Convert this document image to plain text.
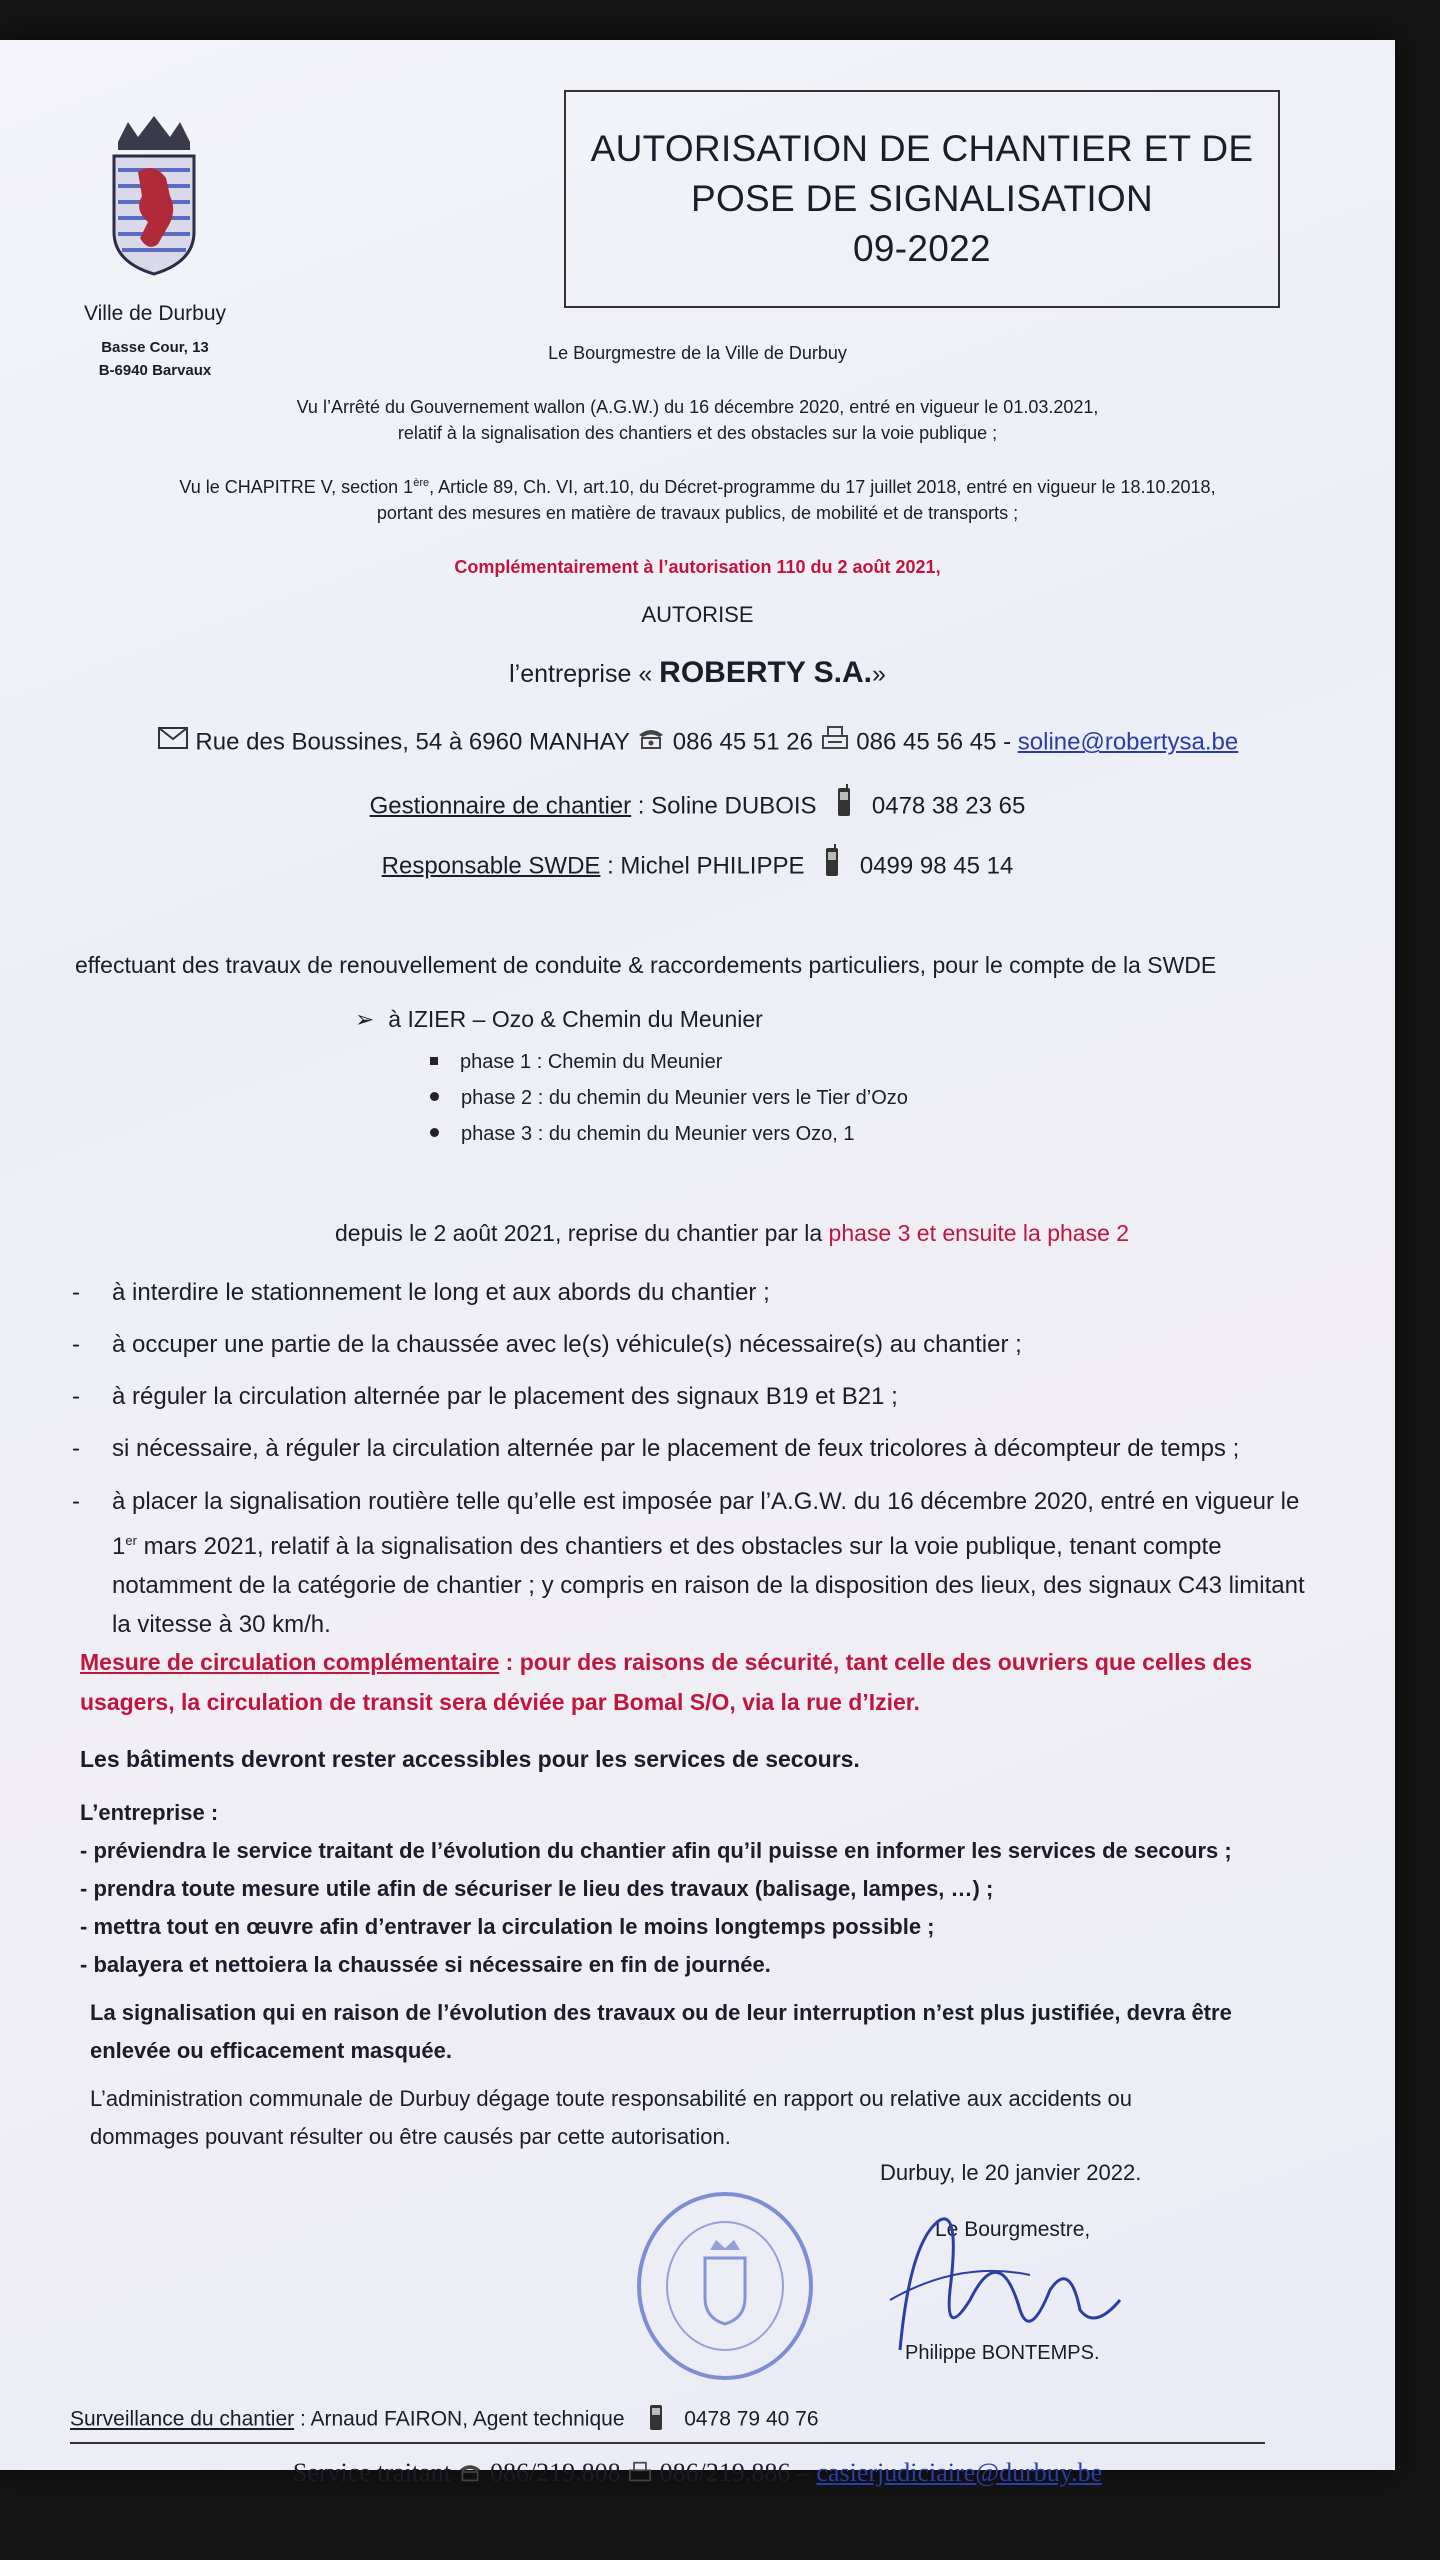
Ville de Durbuy
Basse Cour, 13
B-6940 Barvaux
AUTORISATION DE CHANTIER ET DE
POSE DE SIGNALISATION
09-2022
Le Bourgmestre de la Ville de Durbuy
Vu l’Arrêté du Gouvernement wallon (A.G.W.) du 16 décembre 2020, entré en vigueur le 01.03.2021,
relatif à la signalisation des chantiers et des obstacles sur la voie publique ;
Vu le CHAPITRE V, section 1ère, Article 89, Ch. VI, art.10, du Décret-programme du 17 juillet 2018, entré en vigueur le 18.10.2018,
portant des mesures en matière de travaux publics, de mobilité et de transports ;
Complémentairement à l’autorisation 110 du 2 août 2021,
AUTORISE
l’entreprise « ROBERTY S.A.»
Rue des Boussines, 54 à 6960 MANHAY 086 45 51 26 086 45 56 45 - soline@robertysa.be
Gestionnaire de chantier : Soline DUBOIS 0478 38 23 65
Responsable SWDE : Michel PHILIPPE 0499 98 45 14
effectuant des travaux de renouvellement de conduite & raccordements particuliers, pour le compte de la SWDE
➢ à IZIER – Ozo & Chemin du Meunier
phase 1 : Chemin du Meunier
phase 2 : du chemin du Meunier vers le Tier d’Ozo
phase 3 : du chemin du Meunier vers Ozo, 1
depuis le 2 août 2021, reprise du chantier par la phase 3 et ensuite la phase 2
- à interdire le stationnement le long et aux abords du chantier ;
- à occuper une partie de la chaussée avec le(s) véhicule(s) nécessaire(s) au chantier ;
- à réguler la circulation alternée par le placement des signaux B19 et B21 ;
- si nécessaire, à réguler la circulation alternée par le placement de feux tricolores à décompteur de temps ;
- à placer la signalisation routière telle qu’elle est imposée par l’A.G.W. du 16 décembre 2020, entré en vigueur le
1er mars 2021, relatif à la signalisation des chantiers et des obstacles sur la voie publique, tenant compte
notamment de la catégorie de chantier ; y compris en raison de la disposition des lieux, des signaux C43 limitant
la vitesse à 30 km/h.
Mesure de circulation complémentaire : pour des raisons de sécurité, tant celle des ouvriers que celles des
usagers, la circulation de transit sera déviée par Bomal S/O, via la rue d’Izier.
Les bâtiments devront rester accessibles pour les services de secours.
L’entreprise :
- préviendra le service traitant de l’évolution du chantier afin qu’il puisse en informer les services de secours ;
- prendra toute mesure utile afin de sécuriser le lieu des travaux (balisage, lampes, …) ;
- mettra tout en œuvre afin d’entraver la circulation le moins longtemps possible ;
- balayera et nettoiera la chaussée si nécessaire en fin de journée.
La signalisation qui en raison de l’évolution des travaux ou de leur interruption n’est plus justifiée, devra être
enlevée ou efficacement masquée.
L’administration communale de Durbuy dégage toute responsabilité en rapport ou relative aux accidents ou
dommages pouvant résulter ou être causés par cette autorisation.
Durbuy, le 20 janvier 2022.
Le Bourgmestre,
Philippe BONTEMPS.
Surveillance du chantier : Arnaud FAIRON, Agent technique	0478 79 40 76
Service traitant 086/219.808 086/219.886 – casierjudiciaire@durbuy.be
